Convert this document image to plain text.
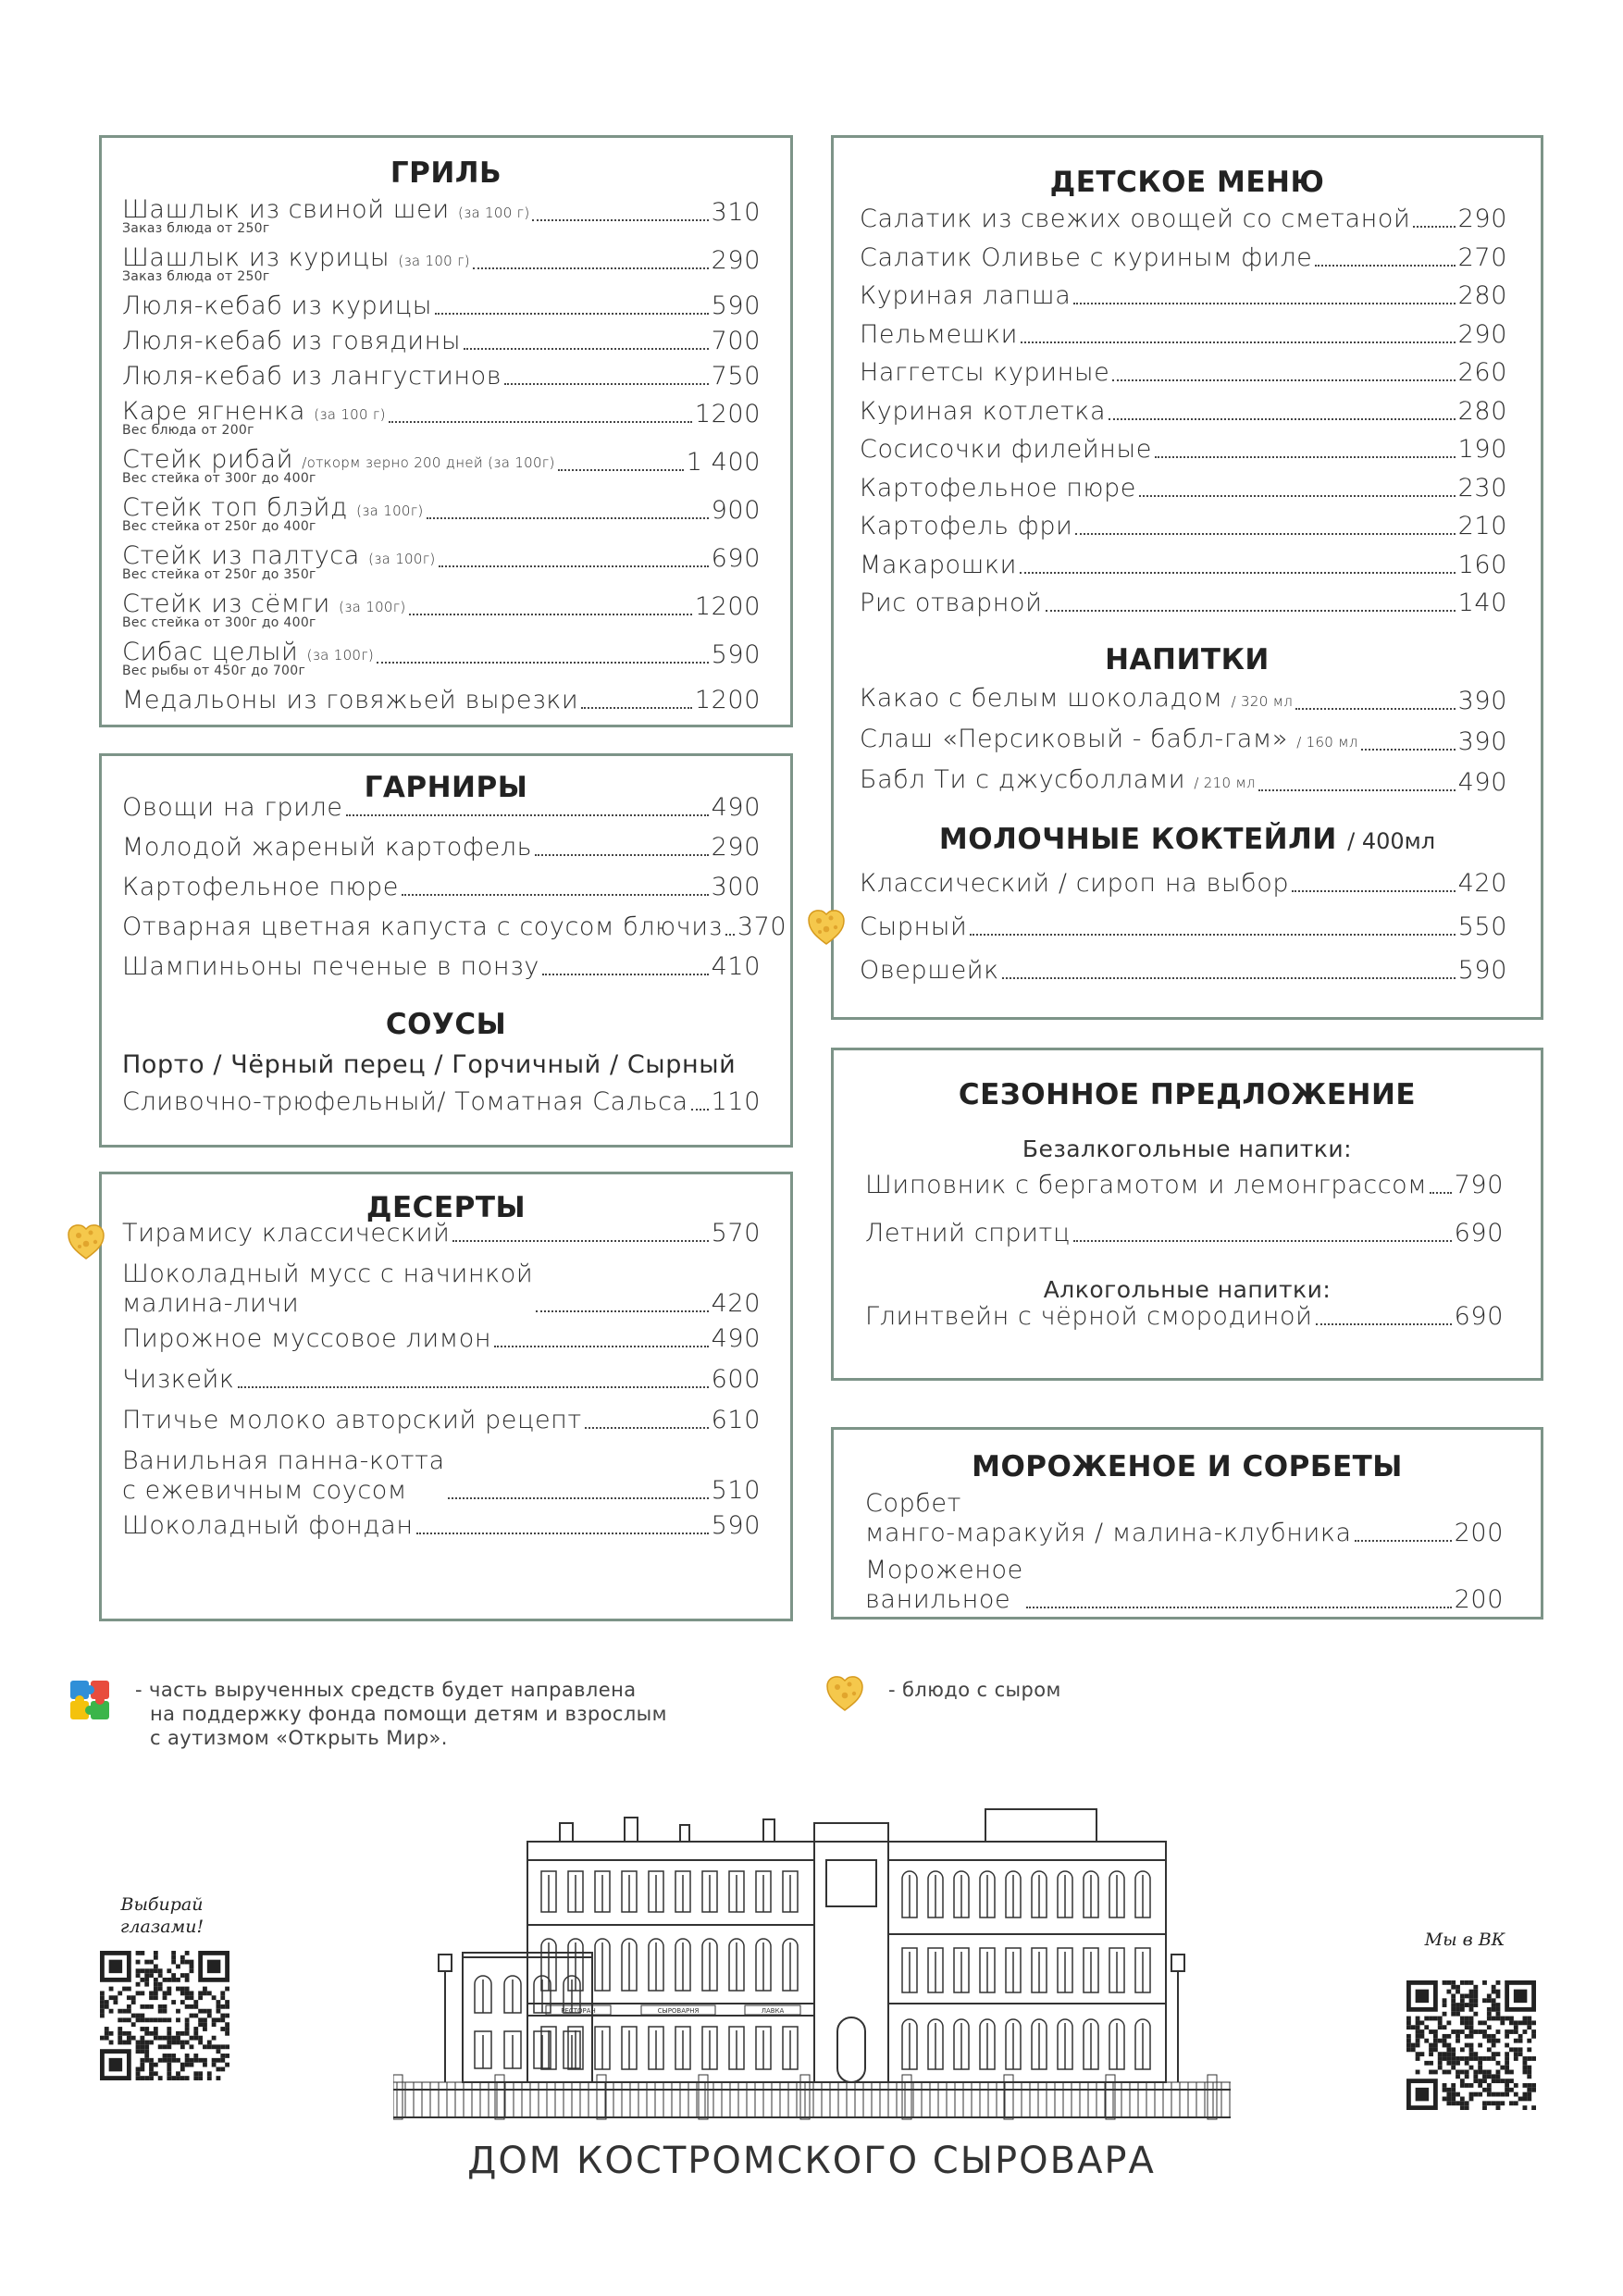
ГРИЛЬ
Шашлык из свиной шеи (за 100 г)	310
Заказ блюда от 250г
Шашлык из курицы (за 100 г)	290
Заказ блюда от 250г
Люля-кебаб из курицы	590
Люля-кебаб из говядины	700
Люля-кебаб из лангустинов	750
Каре ягненка (за 100 г)	1200
Вес блюда от 200г
Стейк рибай /откорм зерно 200 дней (за 100г)	1 400
Вес стейка от 300г до 400г
Стейк топ блэйд (за 100г)	900
Вес стейка от 250г до 400г
Стейк из палтуса (за 100г)	690
Вес стейка от 250г до 350г
Стейк из сёмги (за 100г)	1200
Вес стейка от 300г до 400г
Сибас целый (за 100г)	590
Вес рыбы от 450г до 700г
Медальоны из говяжьей вырезки	1200
ГАРНИРЫ
Овощи на гриле	490
Молодой жареный картофель	290
Картофельное пюре	300
Отварная цветная капуста с соусом блючиз 370
Шампиньоны печеные в понзу	410
СОУСЫ
Порто / Чёрный перец / Горчичный / Сырный
Сливочно-трюфельный/ Томатная Сальса 110
ДЕСЕРТЫ
Тирамису классический	570
Шоколадный мусс с начинкой
малина-личи	420
Пирожное муссовое лимон	490
Чизкейк	600
Птичье молоко авторский рецепт	610
Ванильная панна-котта
с ежевичным соусом	510
Шоколадный фондан	590
ДЕТСКОЕ МЕНЮ
Салатик из свежих овощей со сметаной 290
Салатик Оливье с куриным филе	270
Куриная лапша	280
Пельмешки	290
Наггетсы куриные	260
Куриная котлетка	280
Сосисочки филейные	190
Картофельное пюре	230
Картофель фри	210
Макарошки	160
Рис отварной	140
НАПИТКИ
Какао с белым шоколадом / 320 мл	390
Слаш «Персиковый - бабл-гам» / 160 мл	390
Бабл Ти с джусболлами / 210 мл	490
МОЛОЧНЫЕ КОКТЕЙЛИ / 400мл
Классический / сироп на выбор	420
Сырный	550
Овершейк	590
СЕЗОННОЕ ПРЕДЛОЖЕНИЕ
Безалкогольные напитки:
Алкогольные напитки:
Шиповник с бергамотом и лемонграссом 790
Летний спритц	690
Глинтвейн с чёрной смородиной	690
МОРОЖЕНОЕ И СОРБЕТЫ
Сорбет
манго-маракуйя / малина-клубника	200
Мороженое
ванильное	200
- часть вырученных средств будет направлена
на поддержку фонда помощи детям и взрослым
с аутизмом «Открыть Мир».
- блюдо с сыром
Выбирай
глазами!
Мы в ВК
РЕСТОРАН	СЫРОВАРНЯ	ЛАВКА
ДОМ КОСТРОМСКОГО СЫРОВАРА
